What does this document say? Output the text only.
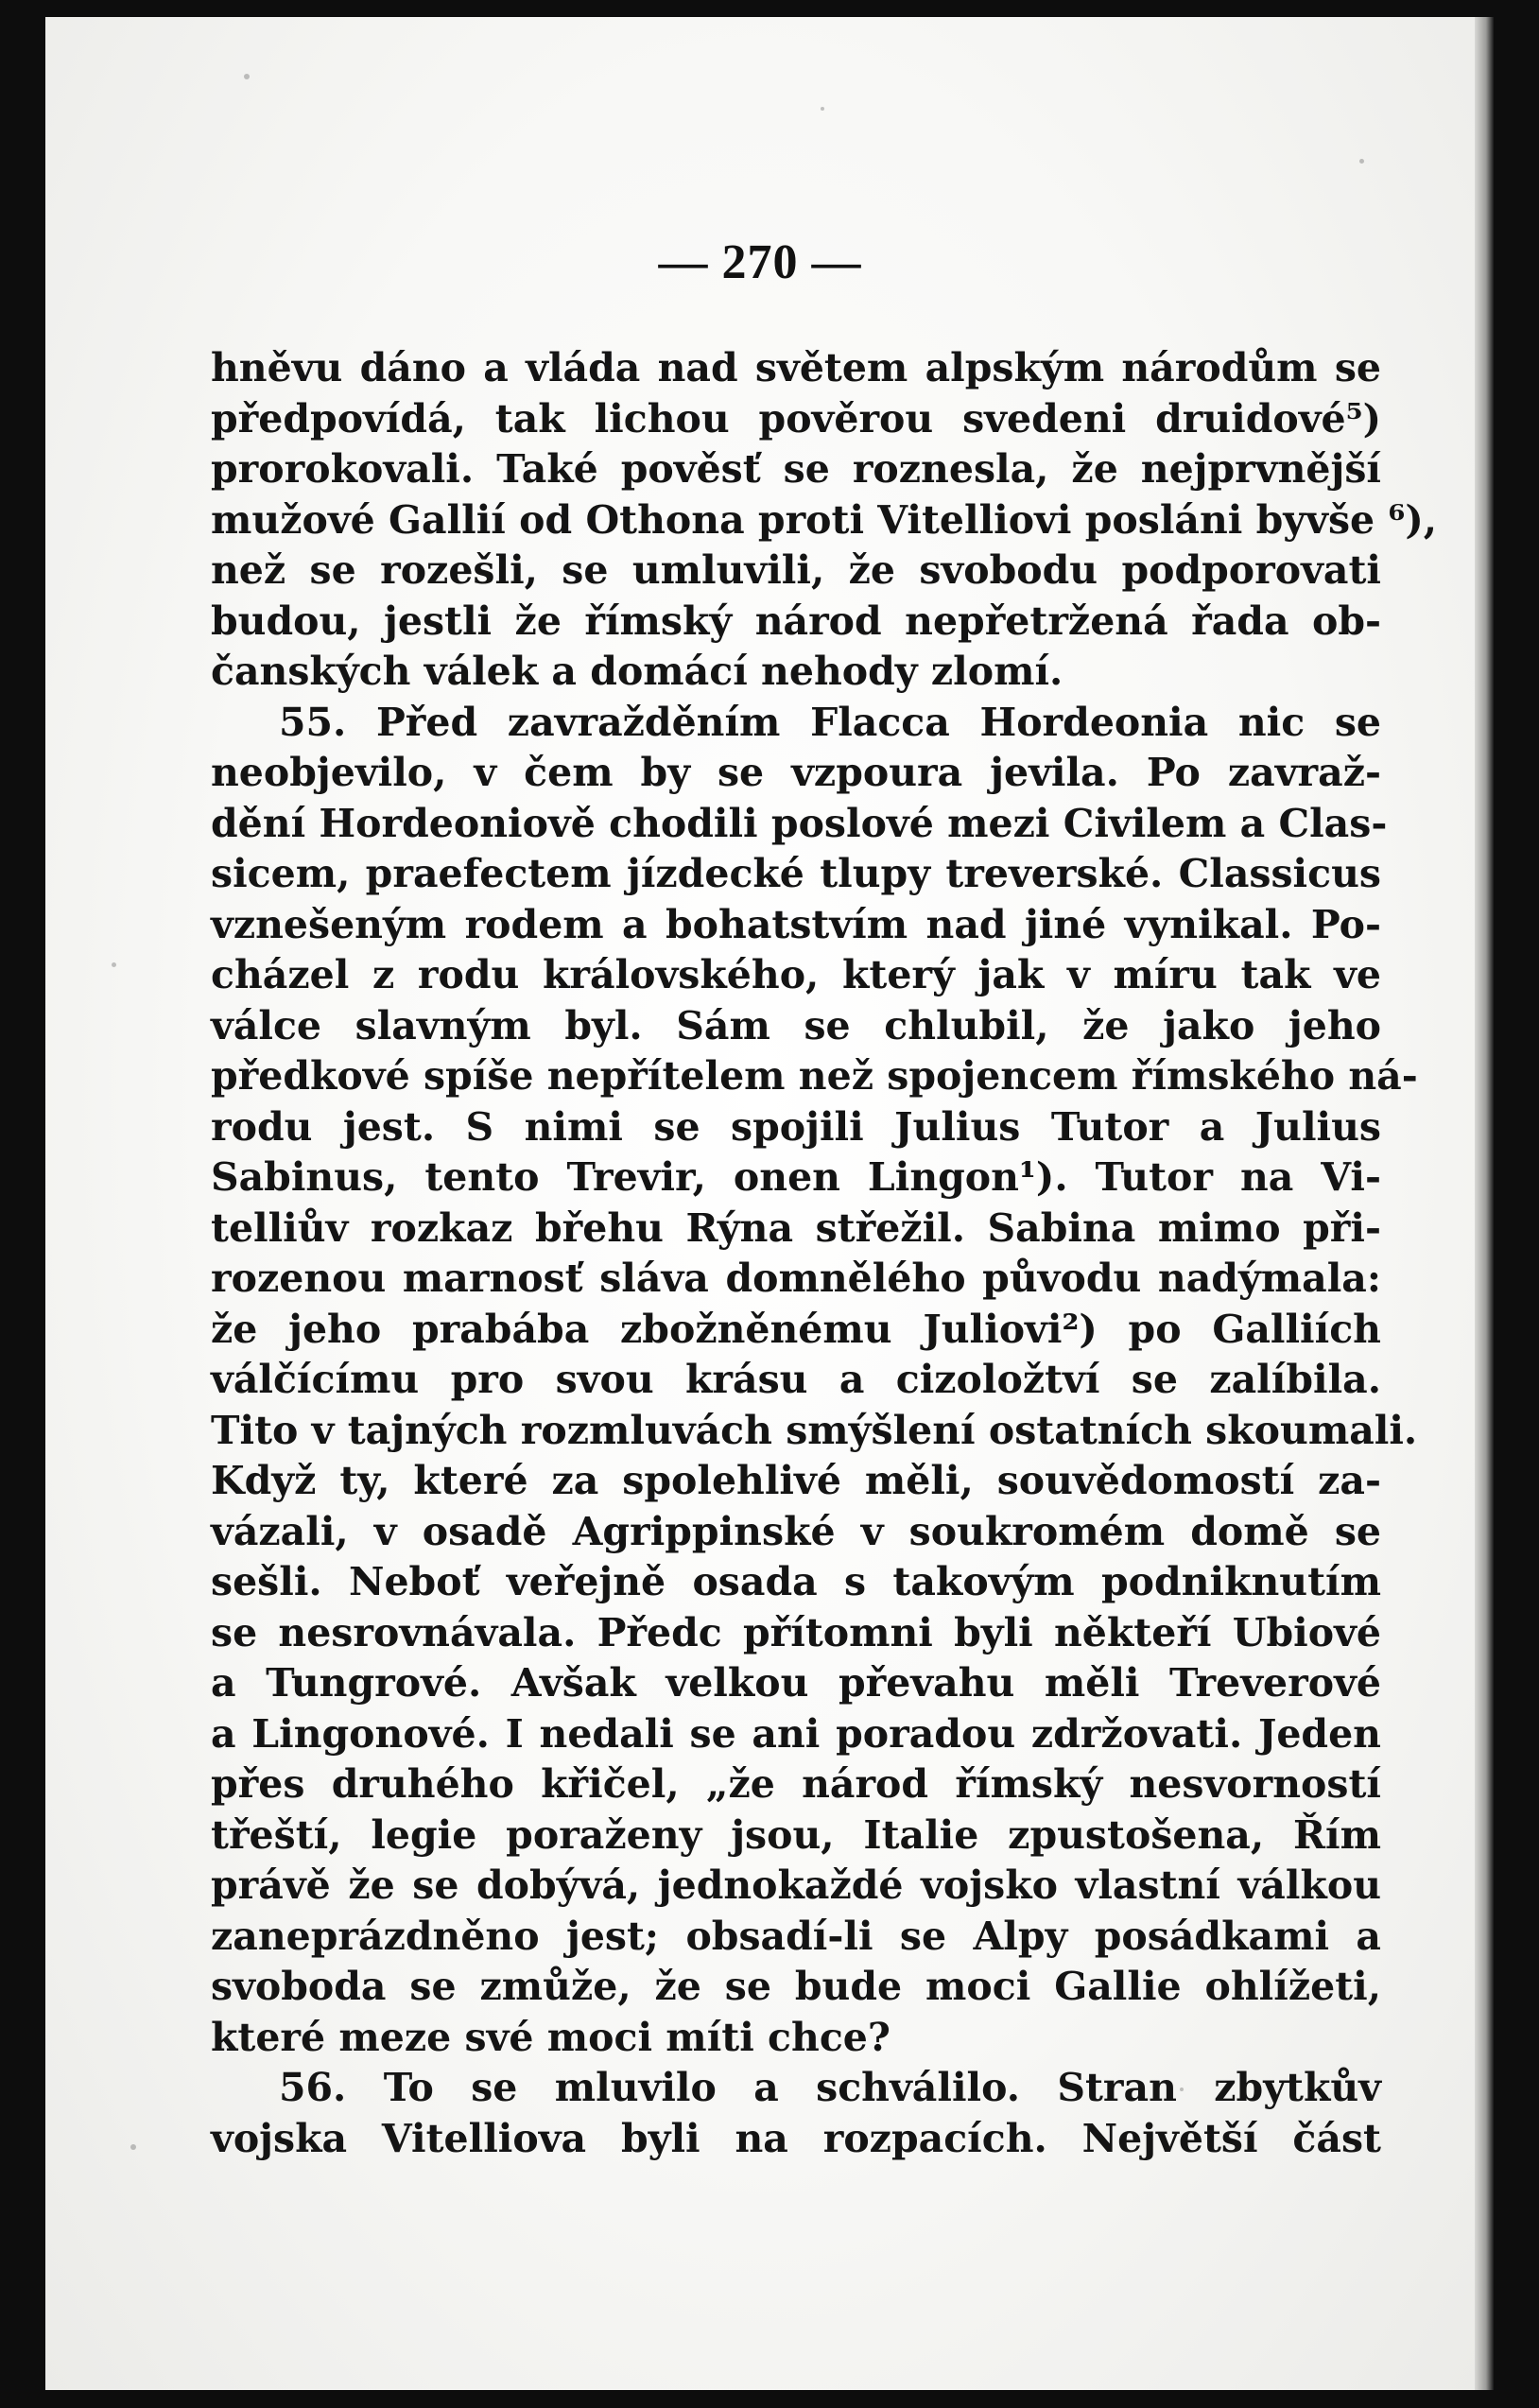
— 270 —
hněvu dáno a vláda nad světem alpským národům se
předpovídá, tak lichou pověrou svedeni druidové⁵)
prorokovali. Také pověsť se roznesla, že nejprvnější
mužové Gallií od Othona proti Vitelliovi posláni byvše ⁶),
než se rozešli, se umluvili, že svobodu podporovati
budou, jestli že římský národ nepřetržená řada ob-
čanských válek a domácí nehody zlomí.
55. Před zavražděním Flacca Hordeonia nic se
neobjevilo, v čem by se vzpoura jevila. Po zavraž-
dění Hordeoniově chodili poslové mezi Civilem a Clas-
sicem, praefectem jízdecké tlupy treverské. Classicus
vznešeným rodem a bohatstvím nad jiné vynikal. Po-
cházel z rodu královského, který jak v míru tak ve
válce slavným byl. Sám se chlubil, že jako jeho
předkové spíše nepřítelem než spojencem římského ná-
rodu jest. S nimi se spojili Julius Tutor a Julius
Sabinus, tento Trevir, onen Lingon¹). Tutor na Vi-
telliův rozkaz břehu Rýna střežil. Sabina mimo při-
rozenou marnosť sláva domnělého původu nadýmala:
že jeho prabába zbožněnému Juliovi²) po Galliích
válčícímu pro svou krásu a cizoložtví se zalíbila.
Tito v tajných rozmluvách smýšlení ostatních skoumali.
Když ty, které za spolehlivé měli, souvědomostí za-
vázali, v osadě Agrippinské v soukromém domě se
sešli. Neboť veřejně osada s takovým podniknutím
se nesrovnávala. Předc přítomni byli někteří Ubiové
a Tungrové. Avšak velkou převahu měli Treverové
a Lingonové. I nedali se ani poradou zdržovati. Jeden
přes druhého křičel, „že národ římský nesvorností
třeští, legie poraženy jsou, Italie zpustošena, Řím
právě že se dobývá, jednokaždé vojsko vlastní válkou
zaneprázdněno jest; obsadí-li se Alpy posádkami a
svoboda se zmůže, že se bude moci Gallie ohlížeti,
které meze své moci míti chce?
56. To se mluvilo a schválilo. Stran zbytkův
vojska Vitelliova byli na rozpacích. Největší část
